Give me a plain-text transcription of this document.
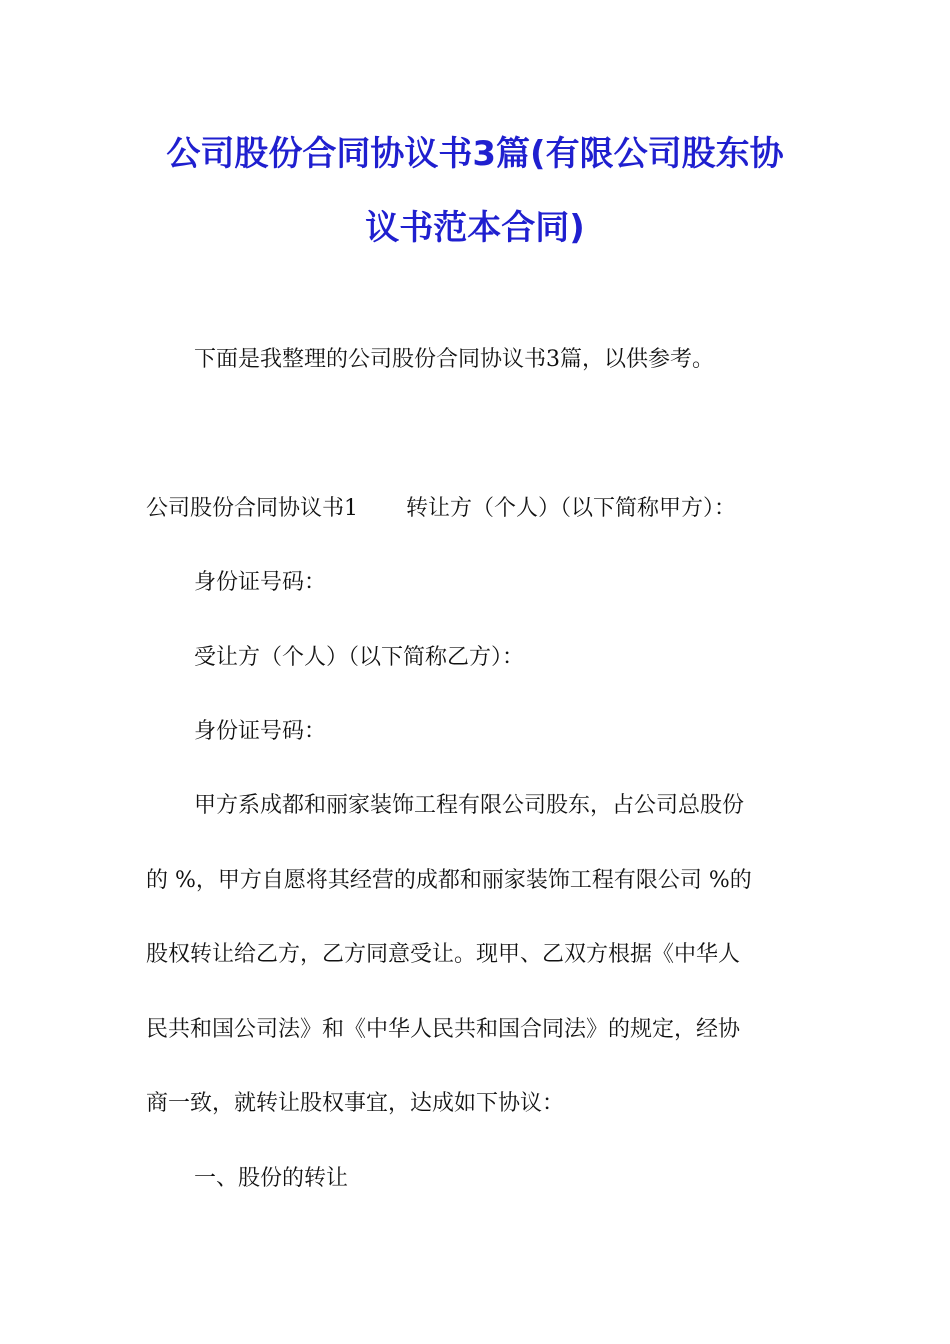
公司股份合同协议书3篇(有限公司股东协
议书范本合同)
下面是我整理的公司股份合同协议书3篇，以供参考。
公司股份合同协议书1 转让方（个人）（以下简称甲方）：
身份证号码：
受让方（个人）（以下简称乙方）：
身份证号码：
甲方系成都和丽家装饰工程有限公司股东，占公司总股份
的 %，甲方自愿将其经营的成都和丽家装饰工程有限公司 %的
股权转让给乙方，乙方同意受让。现甲、乙双方根据《中华人
民共和国公司法》和《中华人民共和国合同法》的规定，经协
商一致，就转让股权事宜，达成如下协议：
一、股份的转让
